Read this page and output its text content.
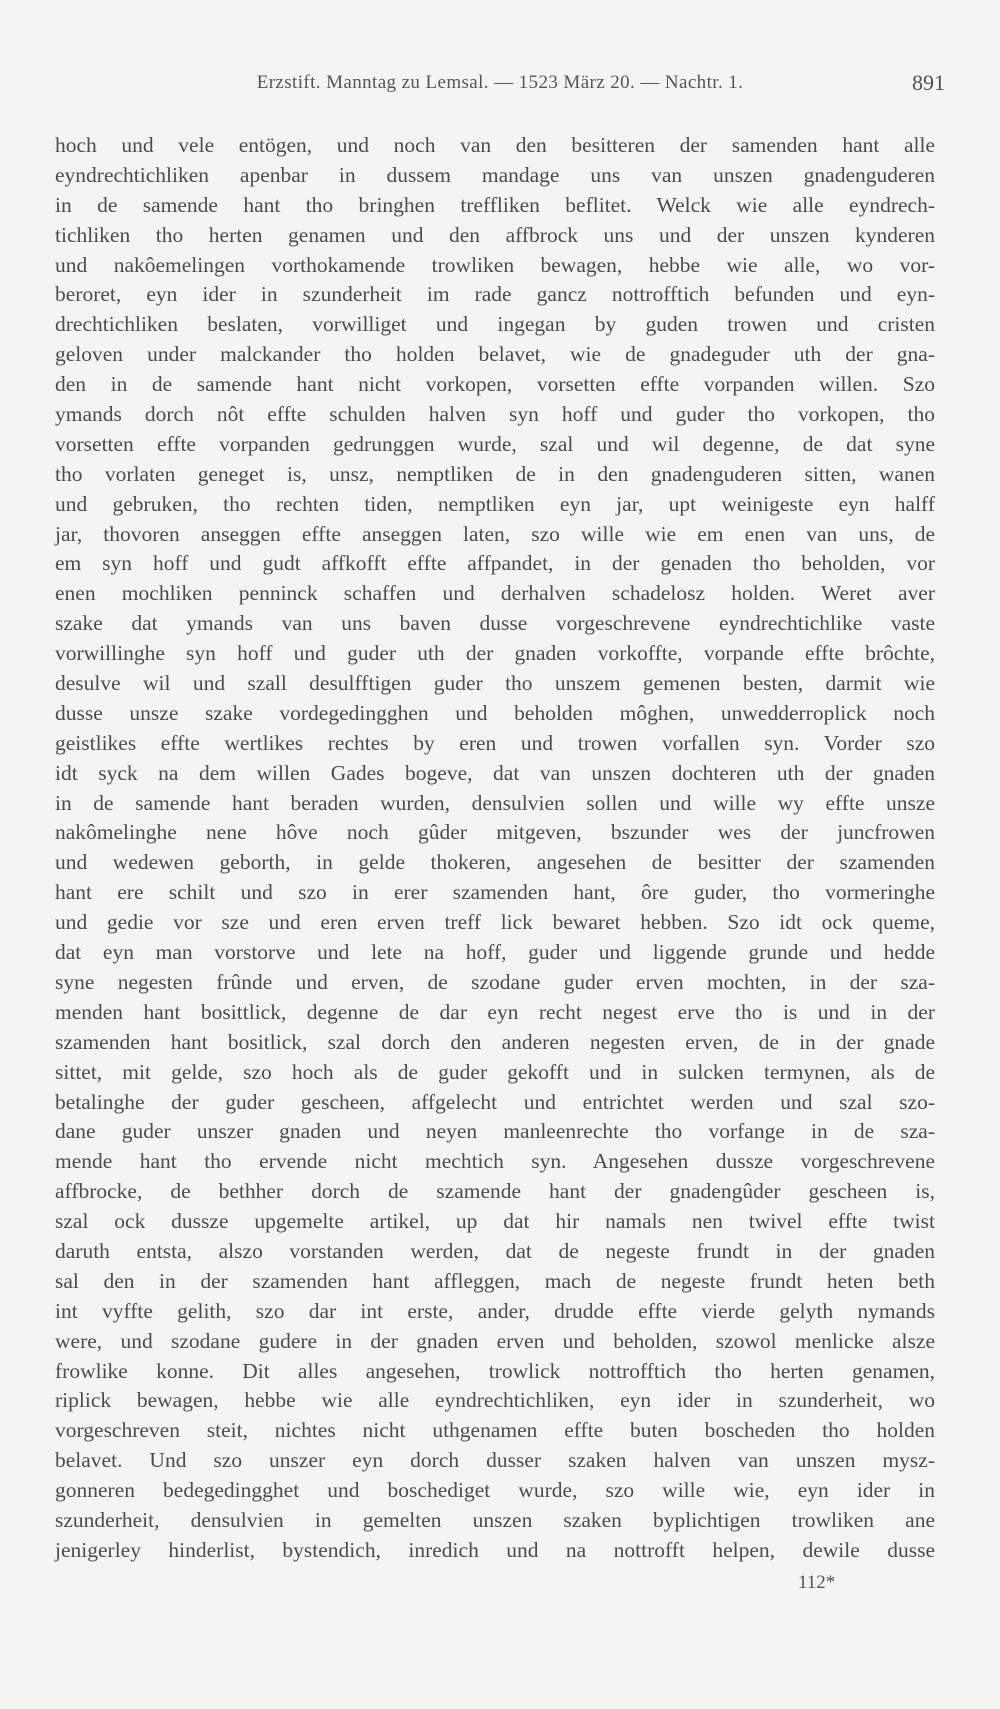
Erzstift. Manntag zu Lemsal. — 1523 März 20. — Nachtr. 1.	891
hoch und vele entögen, und noch van den besitteren der samenden hant alle
eyndrechtichliken apenbar in dussem mandage uns van unszen gnadenguderen
in de samende hant tho bringhen treffliken beflitet. Welck wie alle eyndrech-
tichliken tho herten genamen und den affbrock uns und der unszen kynderen
und nakôemelingen vorthokamende trowliken bewagen, hebbe wie alle, wo vor-
beroret, eyn ider in szunderheit im rade gancz nottrofftich befunden und eyn-
drechtichliken beslaten, vorwilliget und ingegan by guden trowen und cristen
geloven under malckander tho holden belavet, wie de gnadeguder uth der gna-
den in de samende hant nicht vorkopen, vorsetten effte vorpanden willen. Szo
ymands dorch nôt effte schulden halven syn hoff und guder tho vorkopen, tho
vorsetten effte vorpanden gedrunggen wurde, szal und wil degenne, de dat syne
tho vorlaten geneget is, unsz, nemptliken de in den gnadenguderen sitten, wanen
und gebruken, tho rechten tiden, nemptliken eyn jar, upt weinigeste eyn halff
jar, thovoren anseggen effte anseggen laten, szo wille wie em enen van uns, de
em syn hoff und gudt affkofft effte affpandet, in der genaden tho beholden, vor
enen mochliken penninck schaffen und derhalven schadelosz holden. Weret aver
szake dat ymands van uns baven dusse vorgeschrevene eyndrechtichlike vaste
vorwillinghe syn hoff und guder uth der gnaden vorkoffte, vorpande effte brôchte,
desulve wil und szall desulfftigen guder tho unszem gemenen besten, darmit wie
dusse unsze szake vordegedingghen und beholden môghen, unwedderroplick noch
geistlikes effte wertlikes rechtes by eren und trowen vorfallen syn. Vorder szo
idt syck na dem willen Gades bogeve, dat van unszen dochteren uth der gnaden
in de samende hant beraden wurden, densulvien sollen und wille wy effte unsze
nakômelinghe nene hôve noch gûder mitgeven, bszunder wes der juncfrowen
und wedewen geborth, in gelde thokeren, angesehen de besitter der szamenden
hant ere schilt und szo in erer szamenden hant, ôre guder, tho vormeringhe
und gedie vor sze und eren erven treff lick bewaret hebben. Szo idt ock queme,
dat eyn man vorstorve und lete na hoff, guder und liggende grunde und hedde
syne negesten frûnde und erven, de szodane guder erven mochten, in der sza-
menden hant bosittlick, degenne de dar eyn recht negest erve tho is und in der
szamenden hant bositlick, szal dorch den anderen negesten erven, de in der gnade
sittet, mit gelde, szo hoch als de guder gekofft und in sulcken termynen, als de
betalinghe der guder gescheen, affgelecht und entrichtet werden und szal szo-
dane guder unszer gnaden und neyen manleenrechte tho vorfange in de sza-
mende hant tho ervende nicht mechtich syn. Angesehen dussze vorgeschrevene
affbrocke, de bethher dorch de szamende hant der gnadengûder gescheen is,
szal ock dussze upgemelte artikel, up dat hir namals nen twivel effte twist
daruth entsta, alszo vorstanden werden, dat de negeste frundt in der gnaden
sal den in der szamenden hant affleggen, mach de negeste frundt heten beth
int vyffte gelith, szo dar int erste, ander, drudde effte vierde gelyth nymands
were, und szodane gudere in der gnaden erven und beholden, szowol menlicke alsze
frowlike konne. Dit alles angesehen, trowlick nottrofftich tho herten genamen,
riplick bewagen, hebbe wie alle eyndrechtichliken, eyn ider in szunderheit, wo
vorgeschreven steit, nichtes nicht uthgenamen effte buten boscheden tho holden
belavet. Und szo unszer eyn dorch dusser szaken halven van unszen mysz-
gonneren bedegedingghet und boschediget wurde, szo wille wie, eyn ider in
szunderheit, densulvien in gemelten unszen szaken byplichtigen trowliken ane
jenigerley hinderlist, bystendich, inredich und na nottrofft helpen, dewile dusse
112*
